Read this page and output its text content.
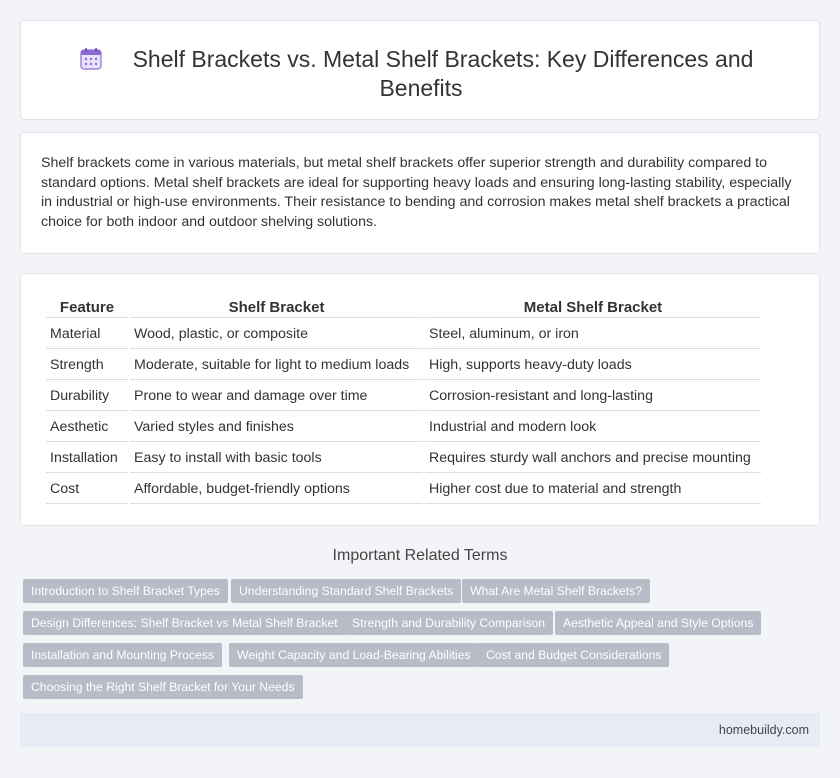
Shelf Brackets vs. Metal Shelf Brackets: Key Differences and Benefits

Shelf brackets come in various materials, but metal shelf brackets offer superior strength and durability compared to standard options. Metal shelf brackets are ideal for supporting heavy loads and ensuring long-lasting stability, especially in industrial or high-use environments. Their resistance to bending and corrosion makes metal shelf brackets a practical choice for both indoor and outdoor shelving solutions.

Feature	Shelf Bracket	Metal Shelf Bracket
Material	Wood, plastic, or composite	Steel, aluminum, or iron
Strength	Moderate, suitable for light to medium loads	High, supports heavy-duty loads
Durability	Prone to wear and damage over time	Corrosion-resistant and long-lasting
Aesthetic	Varied styles and finishes	Industrial and modern look
Installation	Easy to install with basic tools	Requires sturdy wall anchors and precise mounting
Cost	Affordable, budget-friendly options	Higher cost due to material and strength
Important Related Terms
Introduction to Shelf Bracket Types	Understanding Standard Shelf Brackets	What Are Metal Shelf Brackets?
Design Differences: Shelf Bracket vs Metal Shelf Bracket	Strength and Durability Comparison	Aesthetic Appeal and Style Options
Installation and Mounting Process	Weight Capacity and Load-Bearing Abilities	Cost and Budget Considerations
Choosing the Right Shelf Bracket for Your Needs
homebuildy.com
